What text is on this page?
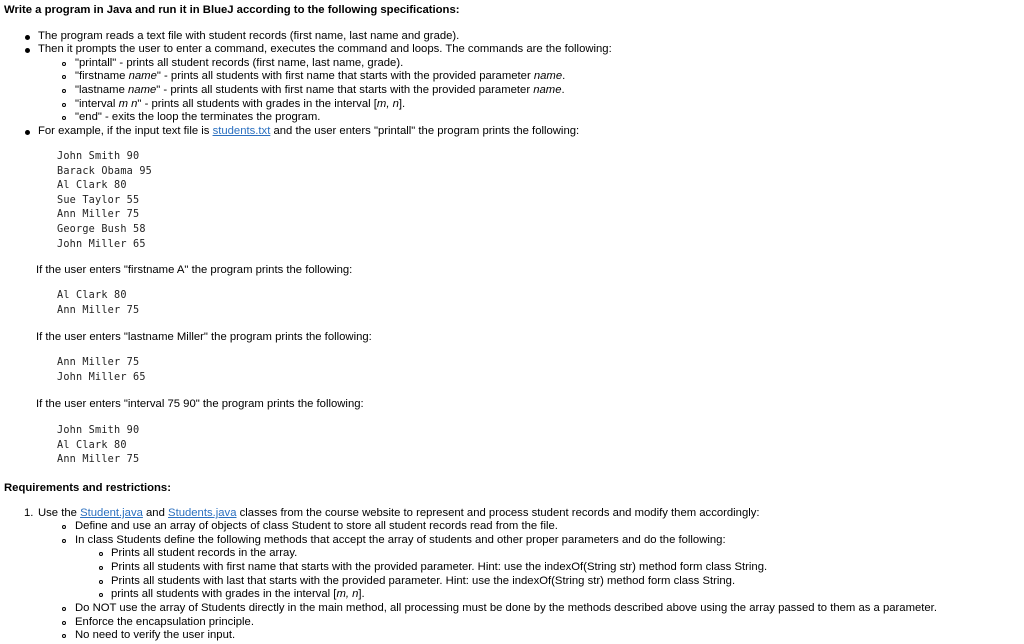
Write a program in Java and run it in BlueJ according to the following specifications:
The program reads a text file with student records (first name, last name and grade).
Then it prompts the user to enter a command, executes the command and loops. The commands are the following:
"printall" - prints all student records (first name, last name, grade).
"firstname name" - prints all students with first name that starts with the provided parameter name.
"lastname name" - prints all students with first name that starts with the provided parameter name.
"interval m n" - prints all students with grades in the interval [m, n].
"end" - exits the loop the terminates the program.
For example, if the input text file is students.txt and the user enters "printall" the program prints the following:
John Smith 90
Barack Obama 95
Al Clark 80
Sue Taylor 55
Ann Miller 75
George Bush 58
John Miller 65
If the user enters "firstname A" the program prints the following:
Al Clark 80
Ann Miller 75
If the user enters "lastname Miller" the program prints the following:
Ann Miller 75
John Miller 65
If the user enters "interval 75 90" the program prints the following:
John Smith 90
Al Clark 80
Ann Miller 75
Requirements and restrictions:
1. Use the Student.java and Students.java classes from the course website to represent and process student records and modify them accordingly:
Define and use an array of objects of class Student to store all student records read from the file.
In class Students define the following methods that accept the array of students and other proper parameters and do the following:
Prints all student records in the array.
Prints all students with first name that starts with the provided parameter. Hint: use the indexOf(String str) method form class String.
Prints all students with last that starts with the provided parameter. Hint: use the indexOf(String str) method form class String.
prints all students with grades in the interval [m, n].
Do NOT use the array of Students directly in the main method, all processing must be done by the methods described above using the array passed to them as a parameter.
Enforce the encapsulation principle.
No need to verify the user input.
